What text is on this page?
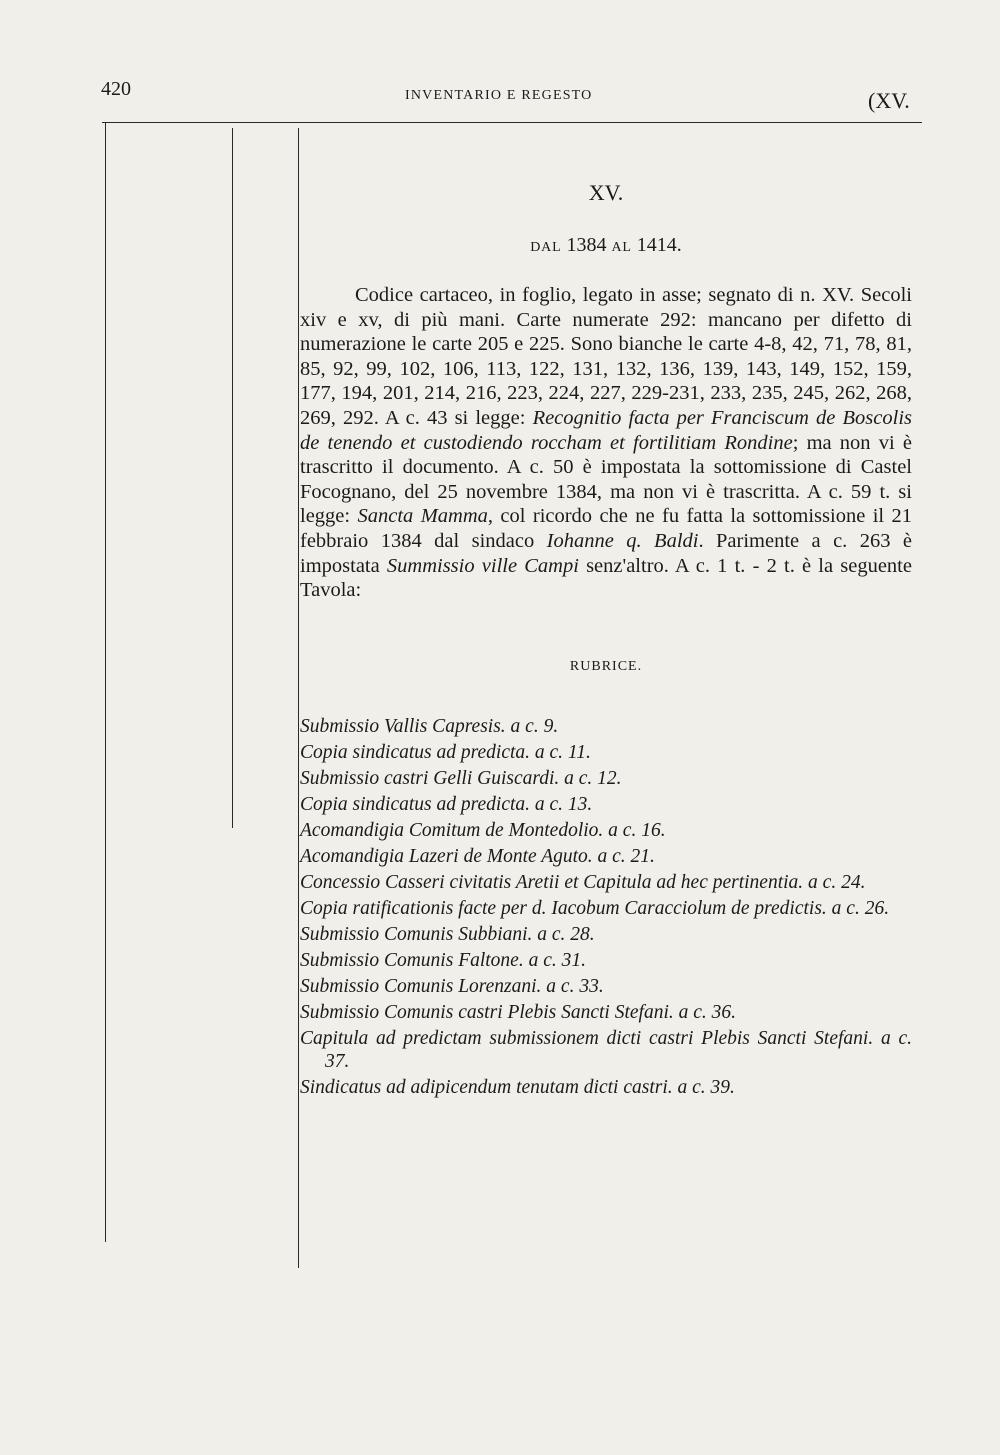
420	INVENTARIO E REGESTO	(XV.
XV.
DAL 1384 AL 1414.
Codice cartaceo, in foglio, legato in asse; segnato di n. XV. Secoli xiv e xv, di più mani. Carte numerate 292: mancano per difetto di numerazione le carte 205 e 225. Sono bianche le carte 4-8, 42, 71, 78, 81, 85, 92, 99, 102, 106, 113, 122, 131, 132, 136, 139, 143, 149, 152, 159, 177, 194, 201, 214, 216, 223, 224, 227, 229-231, 233, 235, 245, 262, 268, 269, 292. A c. 43 si legge: Recognitio facta per Franciscum de Boscolis de tenendo et custodiendo roccham et fortilitiam Rondine; ma non vi è trascritto il documento. A c. 50 è impostata la sottomissione di Castel Focognano, del 25 novembre 1384, ma non vi è trascritta. A c. 59 t. si legge: Sancta Mamma, col ricordo che ne fu fatta la sottomissione il 21 febbraio 1384 dal sindaco Iohanne q. Baldi. Parimente a c. 263 è impostata Summissio ville Campi senz'altro. A c. 1 t. - 2 t. è la seguente Tavola:
RUBRICE.
Submissio Vallis Capresis. a c. 9.
Copia sindicatus ad predicta. a c. 11.
Submissio castri Gelli Guiscardi. a c. 12.
Copia sindicatus ad predicta. a c. 13.
Acomandigia Comitum de Montedolio. a c. 16.
Acomandigia Lazeri de Monte Aguto. a c. 21.
Concessio Casseri civitatis Aretii et Capitula ad hec pertinentia. a c. 24.
Copia ratificationis facte per d. Iacobum Caracciolum de predictis. a c. 26.
Submissio Comunis Subbiani. a c. 28.
Submissio Comunis Faltone. a c. 31.
Submissio Comunis Lorenzani. a c. 33.
Submissio Comunis castri Plebis Sancti Stefani. a c. 36.
Capitula ad predictam submissionem dicti castri Plebis Sancti Stefani. a c. 37.
Sindicatus ad adipicendum tenutam dicti castri. a c. 39.
